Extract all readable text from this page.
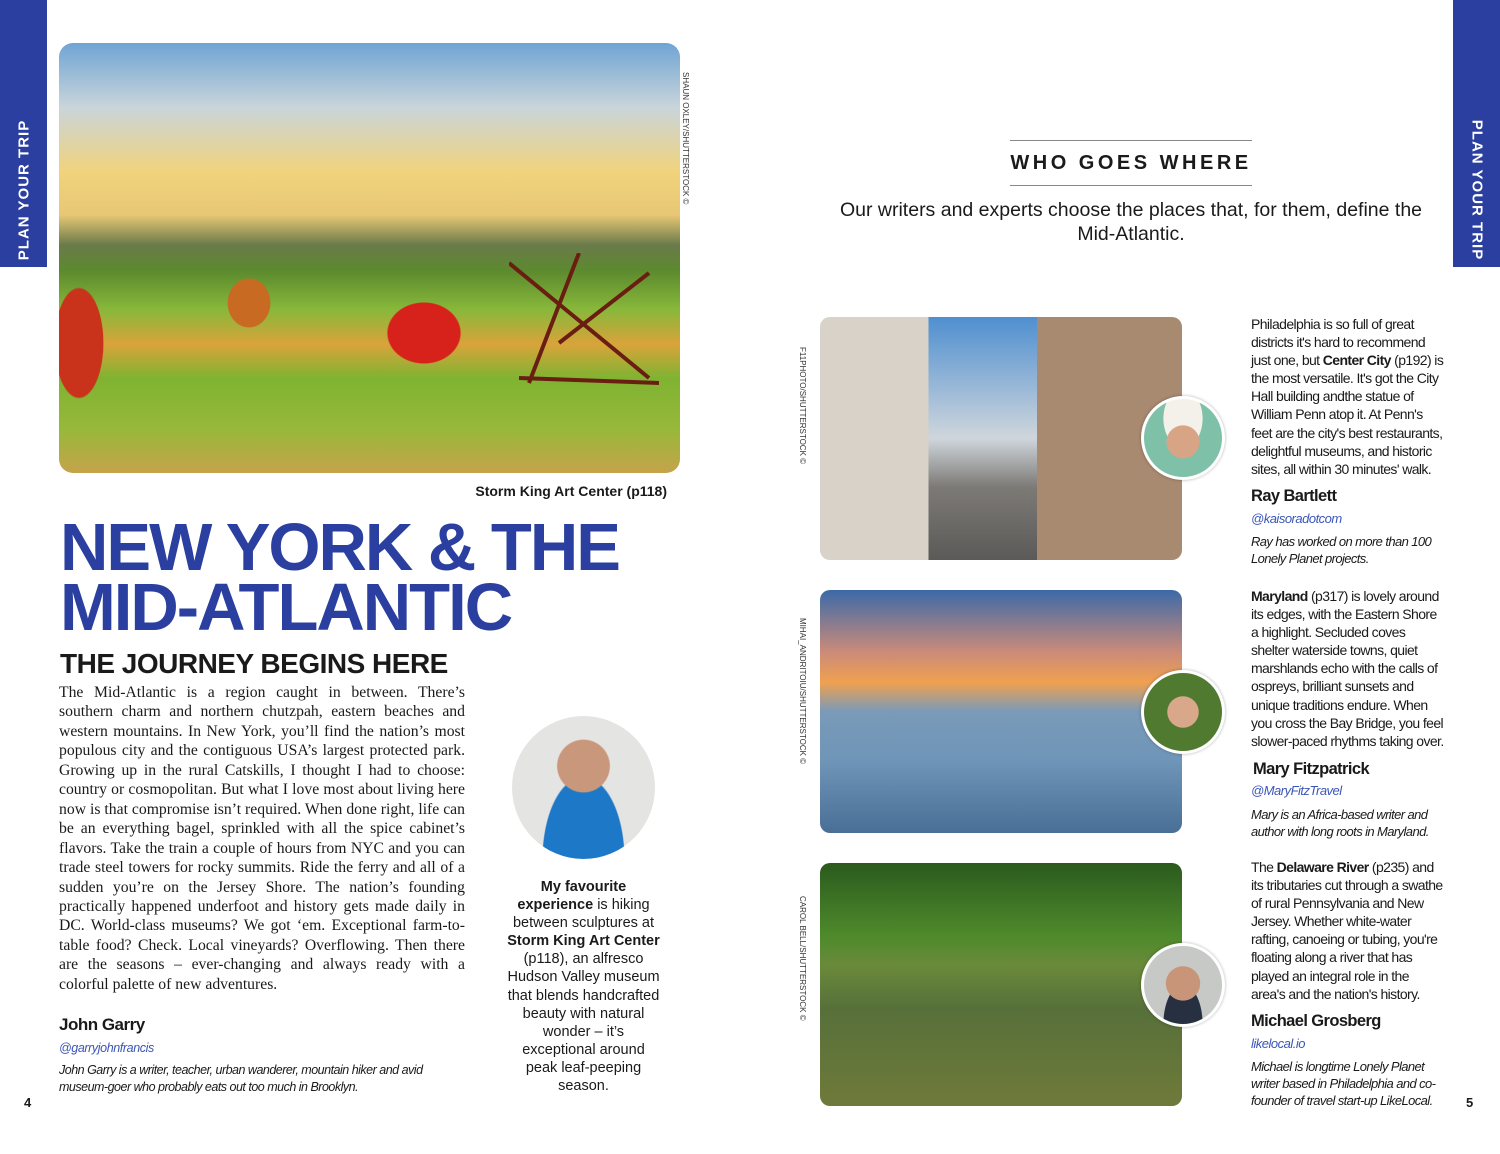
PLAN YOUR TRIP	PLAN YOUR TRIP
SHAUN OXLEY/SHUTTERSTOCK ©
Storm King Art Center (p118)
NEW YORK & THE
MID-ATLANTIC
THE JOURNEY BEGINS HERE
The Mid-Atlantic is a region caught in between. There’s southern charm and northern chutzpah, eastern beaches and western mountains. In New York, you’ll find the nation’s most populous city and the contiguous USA’s largest protected park. Growing up in the rural Catskills, I thought I had to choose: country or cosmopolitan. But what I love most about living here now is that compromise isn’t required. When done right, life can be an everything bagel, sprinkled with all the spice cabinet’s flavors. Take the train a couple of hours from NYC and you can trade steel towers for rocky summits. Ride the ferry and all of a sudden you’re on the Jersey Shore. The nation’s founding practically happened underfoot and history gets made daily in DC. World-class museums? We got ‘em. Exceptional farm-to-table food? Check. Local vineyards? Overflowing. Then there are the seasons – ever-changing and always ready with a colorful palette of new adventures.
John Garry
@garryjohnfrancis
John Garry is a writer, teacher, urban wanderer, mountain hiker and avid museum-goer who probably eats out too much in Brooklyn.
My favourite experience is hiking between sculptures at Storm King Art Center (p118), an alfresco Hudson Valley museum that blends handcrafted beauty with natural wonder – it’s exceptional around peak leaf-peeping season.
4
WHO GOES WHERE
Our writers and experts choose the places that, for them, define the Mid-Atlantic.
5
F11PHOTO/SHUTTERSTOCK ©
Philadelphia is so full of great districts it's hard to recommend just one, but Center City (p192) is the most versatile. It's got the City Hall building andthe statue of William Penn atop it. At Penn's feet are the city's best restaurants, delightful museums, and historic sites, all within 30 minutes' walk.
Ray Bartlett
@kaisoradotcom
Ray has worked on more than 100 Lonely Planet projects.
MIHAI_ANDRITOIU/SHUTTERSTOCK ©
Maryland (p317) is lovely around its edges, with the Eastern Shore a highlight. Secluded coves shelter waterside towns, quiet marshlands echo with the calls of ospreys, brilliant sunsets and unique traditions endure. When you cross the Bay Bridge, you feel slower-paced rhythms taking over.
Mary Fitzpatrick
@MaryFitzTravel
Mary is an Africa-based writer and author with long roots in Maryland.
CAROL BELL/SHUTTERSTOCK ©
The Delaware River (p235) and its tributaries cut through a swathe of rural Pennsylvania and New Jersey. Whether white-water rafting, canoeing or tubing, you're floating along a river that has played an integral role in the area's and the nation's history.
Michael Grosberg
likelocal.io
Michael is longtime Lonely Planet writer based in Philadelphia and co-founder of travel start-up LikeLocal.
